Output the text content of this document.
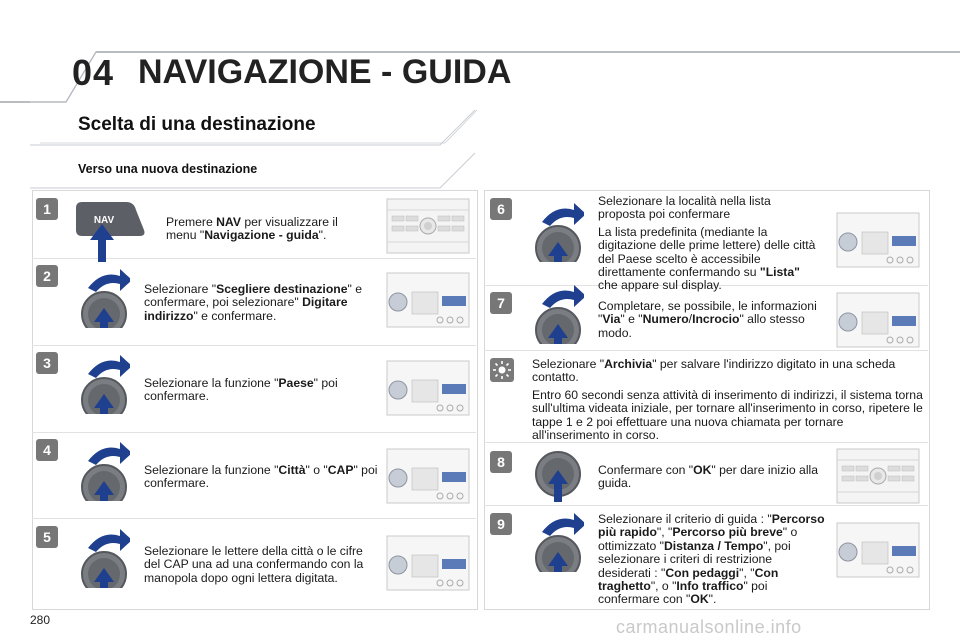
04 NAVIGAZIONE - GUIDA
Scelta di una destinazione
Verso una nuova destinazione
1
NAV	Premere NAV per visualizzare il menu "Navigazione - guida".
2
Selezionare "Scegliere destinazione" e confermare, poi selezionare" Digitare indirizzo" e confermare.
3
Selezionare la funzione "Paese" poi confermare.
4
Selezionare la funzione "Città" o "CAP" poi confermare.
5
Selezionare le lettere della città o le cifre del CAP una ad una confermando con la manopola dopo ogni lettera digitata.
6	Selezionare la località nella lista proposta poi confermare
La lista predefinita (mediante la digitazione delle prime lettere) delle città del Paese scelto è accessibile direttamente confermando su "Lista" che appare sul display.
7	Completare, se possibile, le informazioni "Via" e "Numero/Incrocio" allo stesso modo.
Selezionare "Archivia" per salvare l'indirizzo digitato in una scheda contatto.
Entro 60 secondi senza attività di inserimento di indirizzi, il sistema torna sull'ultima videata iniziale, per tornare all'inserimento in corso, ripetere le tappe 1 e 2 poi effettuare una nuova chiamata per tornare all'inserimento in corso.
8	Confermare con "OK" per dare inizio alla guida.
9	Selezionare il criterio di guida : "Percorso più rapido", "Percorso più breve" o ottimizzato "Distanza / Tempo", poi selezionare i criteri di restrizione desiderati : "Con pedaggi", "Con traghetto", o "Info traffico" poi confermare con "OK".
280	carmanualsonline.info
